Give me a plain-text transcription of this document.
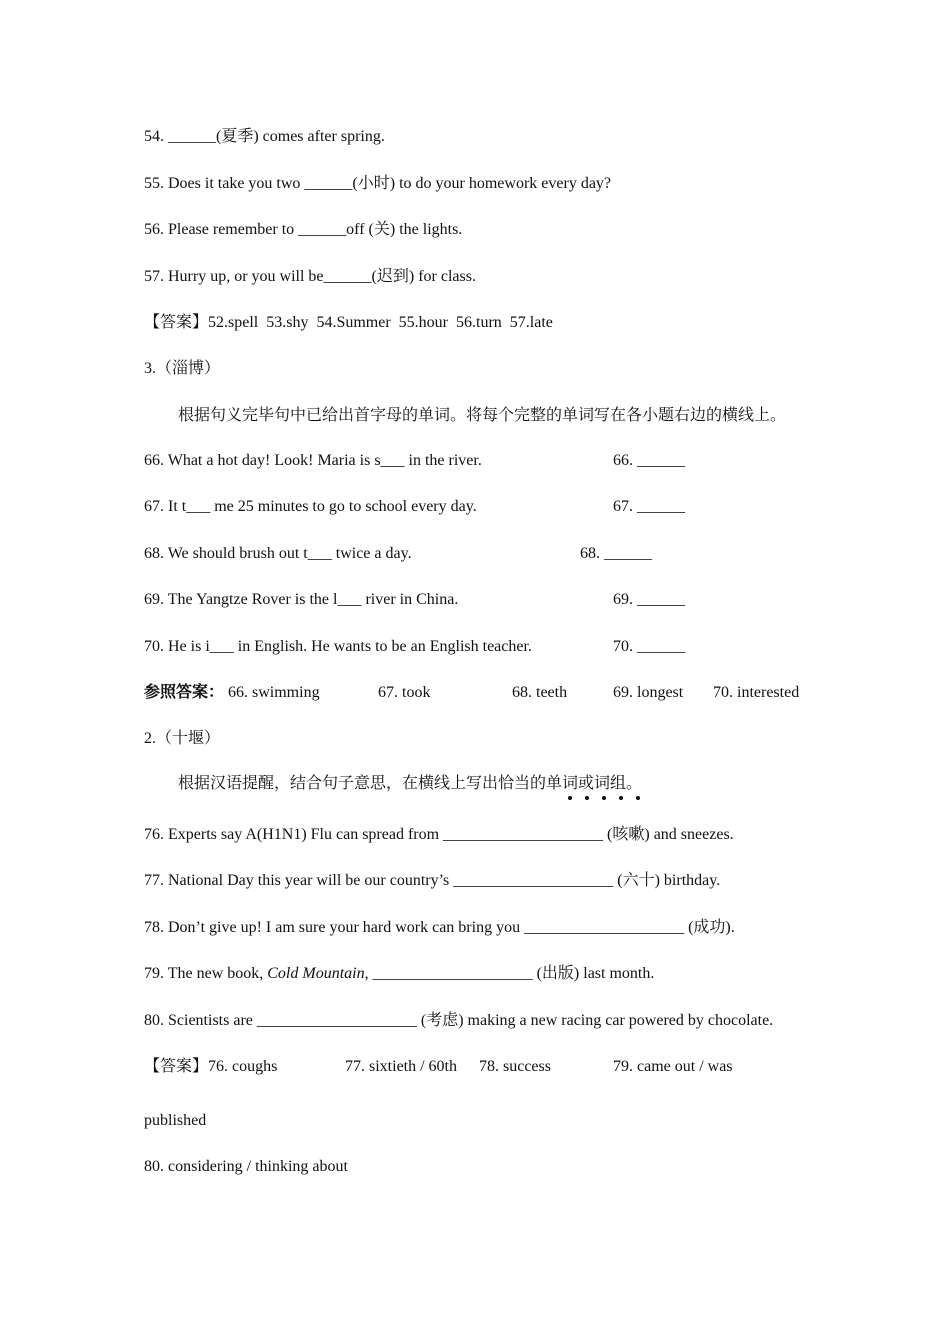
54. ______(夏季) comes after spring.
55. Does it take you two ______(小时) to do your homework every day?
56. Please remember to ______off (关) the lights.
57. Hurry up, or you will be______(迟到) for class.
【答案】52.spell  53.shy  54.Summer  55.hour  56.turn  57.late
3.（淄博）
根据句义完毕句中已给出首字母的单词。将每个完整的单词写在各小题右边的横线上。
66. What a hot day! Look! Maria is s___ in the river.	66. ______
67. It t___ me 25 minutes to go to school every day.	67. ______
68. We should brush out t___ twice a day.	68. ______
69. The Yangtze Rover is the l___ river in China.	69. ______
70. He is i___ in English. He wants to be an English teacher.	70. ______
参照答案： 66. swimming	67. took	68. teeth	69. longest 70. interested
2.（十堰）
根据汉语提醒，结合句子意思，在横线上写出恰当的单词或词组。
76. Experts say A(H1N1) Flu can spread from ____________________ (咳嗽) and sneezes.
77. National Day this year will be our country’s ____________________ (六十) birthday.
78. Don’t give up! I am sure your hard work can bring you ____________________ (成功).
79. The new book, Cold Mountain, ____________________ (出版) last month.
80. Scientists are ____________________ (考虑) making a new racing car powered by chocolate.
【答案】76. coughs	77. sixtieth / 60th 78. success	79. came out / was
published
80. considering / thinking about
